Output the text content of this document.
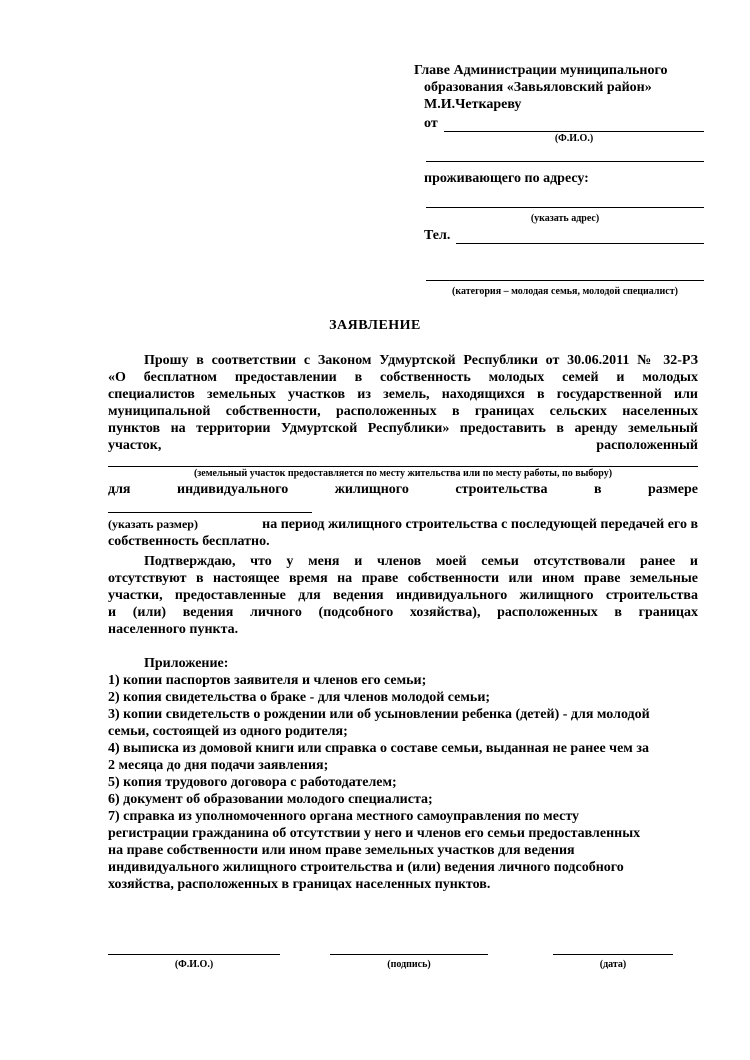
Главе Администрации муниципального
образования «Завьяловский район»
М.И.Четкареву
от
(Ф.И.О.)
проживающего по адресу:
(указать адрес)
Тел.
(категория – молодая семья, молодой специалист)
ЗАЯВЛЕНИЕ

Прошу в соответствии с Законом Удмуртской Республики от 30.06.2011 № 32-РЗ

«О бесплатном предоставлении в собственность молодых семей и молодых

специалистов земельных участков из земель, находящихся в государственной или

муниципальной собственности, расположенных в границах сельских населенных

пунктов на территории Удмуртской Республики» предоставить в аренду земельный

участок,	расположенный
(земельный участок предоставляется по месту жительства или по месту работы, по выбору)
для	индивидуального	жилищного	строительства	в	размере
(указать размер)	на период жилищного строительства с последующей передачей его в

собственность бесплатно.

Подтверждаю, что у меня и членов моей семьи отсутствовали ранее и

отсутствуют в настоящее время на праве собственности или ином праве земельные

участки, предоставленные для ведения индивидуального жилищного строительства

и (или) ведения личного (подсобного хозяйства), расположенных в границах

населенного пункта.

Приложение:

1) копии паспортов заявителя и членов его семьи;

2) копия свидетельства о браке - для членов молодой семьи;

3) копии свидетельств о рождении или об усыновлении ребенка (детей) - для молодой

семьи, состоящей из одного родителя;

4) выписка из домовой книги или справка о составе семьи, выданная не ранее чем за

2 месяца до дня подачи заявления;

5) копия трудового договора с работодателем;

6) документ об образовании молодого специалиста;

7) справка из уполномоченного органа местного самоуправления по месту

регистрации гражданина об отсутствии у него и членов его семьи предоставленных

на праве собственности или ином праве земельных участков для ведения

индивидуального жилищного строительства и (или) ведения личного подсобного

хозяйства, расположенных в границах населенных пунктов.

(Ф.И.О.)	(подпись)	(дата)
